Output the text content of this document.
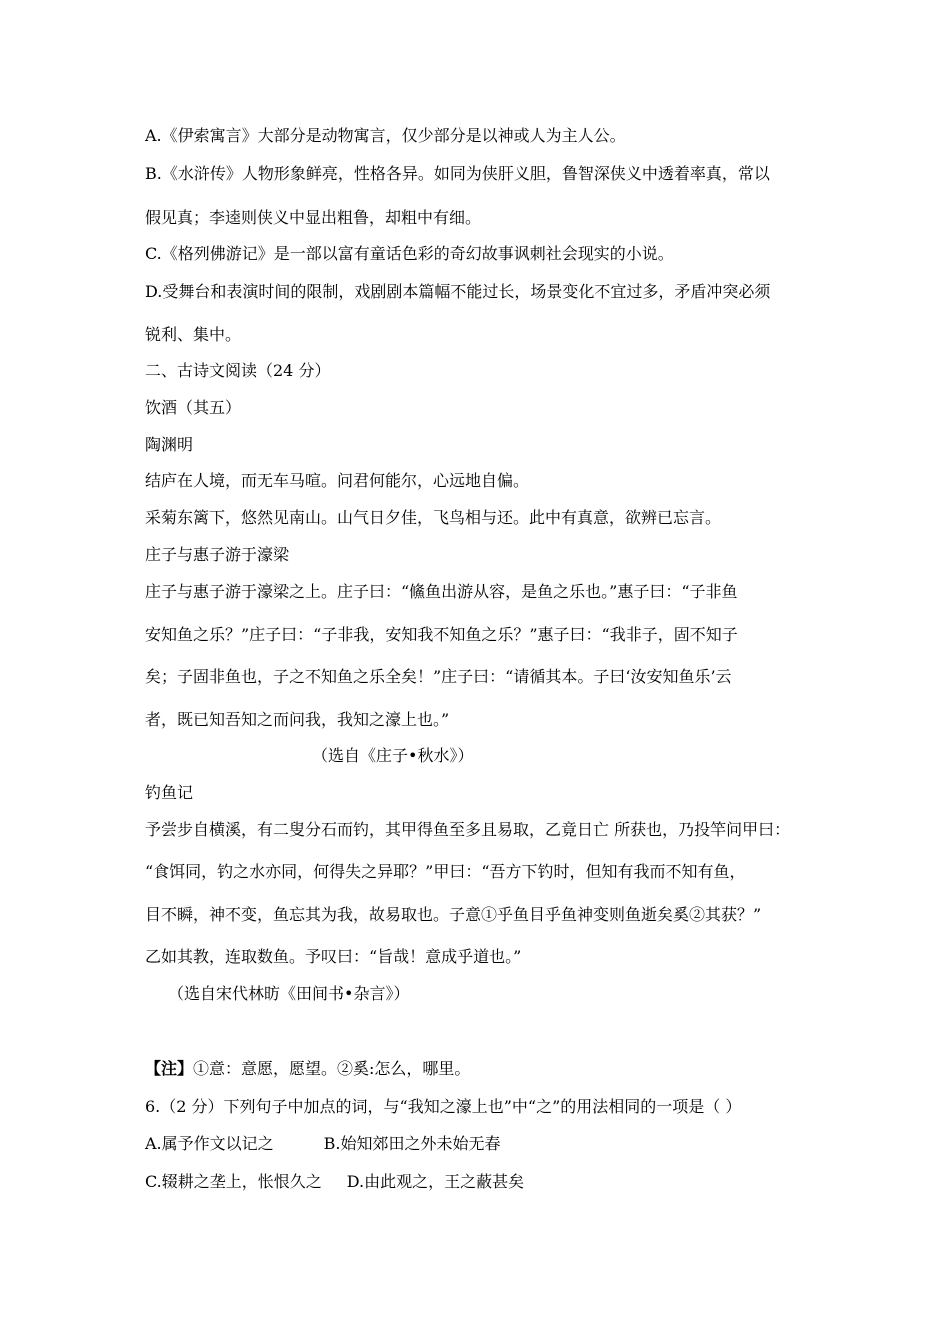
A.《伊索寓言》大部分是动物寓言，仅少部分是以神或人为主人公。
B.《水浒传》人物形象鲜亮，性格各异。如同为侠肝义胆，鲁智深侠义中透着率真，常以
假见真；李逵则侠义中显出粗鲁，却粗中有细。
C.《格列佛游记》是一部以富有童话色彩的奇幻故事讽刺社会现实的小说。
D.受舞台和表演时间的限制，戏剧剧本篇幅不能过长，场景变化不宜过多，矛盾冲突必须
锐利、集中。
二、古诗文阅读（24 分）
饮酒（其五）
陶渊明
结庐在人境，而无车马喧。问君何能尔，心远地自偏。
采菊东篱下，悠然见南山。山气日夕佳，飞鸟相与还。此中有真意，欲辨已忘言。
庄子与惠子游于濠梁
庄子与惠子游于濠梁之上。庄子曰：“鯈鱼出游从容，是鱼之乐也。”惠子曰：“子非鱼
安知鱼之乐？”庄子曰：“子非我，安知我不知鱼之乐？”惠子曰：“我非子，固不知子
矣；子固非鱼也，子之不知鱼之乐全矣！”庄子曰：“请循其本。子曰‘汝安知鱼乐’云
者，既已知吾知之而问我，我知之濠上也。”
（选自《庄子•秋水》）
钓鱼记
予尝步自横溪，有二叟分石而钓，其甲得鱼至多且易取，乙竟日亡 所获也，乃投竿问甲曰：
“食饵同，钓之水亦同，何得失之异耶？”甲曰：“吾方下钓时，但知有我而不知有鱼，
目不瞬，神不变，鱼忘其为我，故易取也。子意①乎鱼目乎鱼神变则鱼逝矣奚②其获？”
乙如其教，连取数鱼。予叹曰：“旨哉！意成乎道也。”
（选自宋代林昉《田间书•杂言》）
【注】①意：意愿，愿望。②奚:怎么，哪里。
6.（2 分）下列句子中加点的词，与“我知之濠上也”中“之”的用法相同的一项是（ ）
A.属予作文以记之	B.始知郊田之外未始无春
C.辍耕之垄上，怅恨久之 D.由此观之，王之蔽甚矣
